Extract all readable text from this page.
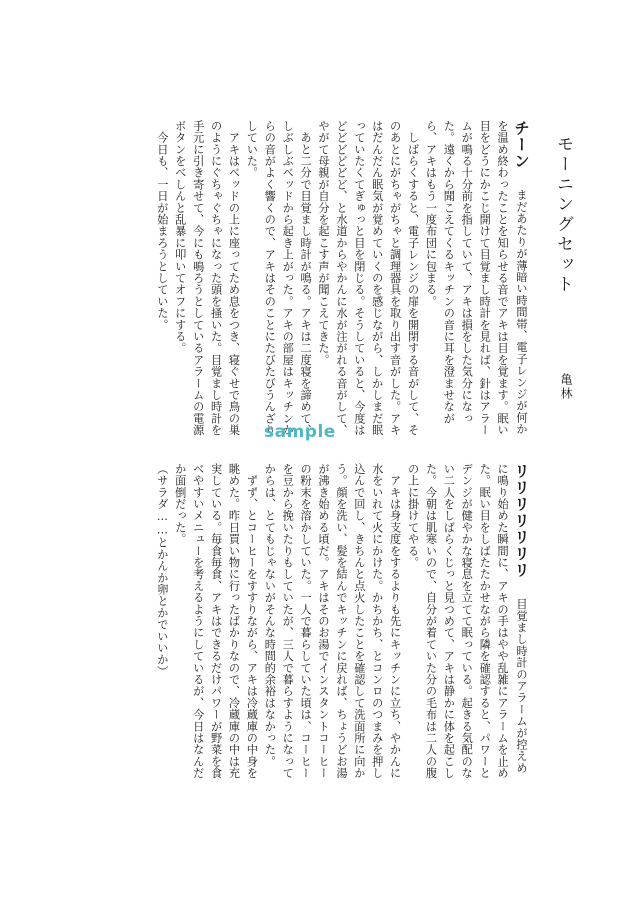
モーニングセット
亀林

チーン　まだあたりが薄暗い時間帯、電子レンジが何かを温め終わったことを知らせる音でアキは目を覚ます。眠い目をどうにかこじ開けて目覚まし時計を見れば、針はアラームが鳴る十分前を指していて、アキは損をした気分になった。遠くから聞こえてくるキッチンの音に耳を澄ませながら、アキはもう一度布団に包まる。

　しばらくすると、電子レンジの扉を開閉する音がして、そのあとにがちゃがちゃと調理器具を取り出す音がした。アキはだんだん眠気が覚めていくのを感じながら、しかしまだ眠っていたくてぎゅっと目を閉じる。そうしていると、今度はどどどどどど、と水道からやかんに水が注がれる音がして、やがて母親が自分を起こす声が聞こえてきた。

　あと二分で目覚まし時計が鳴る。アキは二度寝を諦めて、しぶしぶベッドから起き上がった。アキの部屋はキッチンからの音がよく響くので、アキはそのことにたびたびうんざりしていた。

　アキはベッドの上に座ってため息をつき、寝ぐせで鳥の巣のようにぐちゃぐちゃになった頭を掻いた。目覚まし時計を手元に引き寄せて、今にも鳴ろうとしているアラームの電源ボタンをべしんと乱暴に叩いてオフにする。

　今日も、一日が始まろうとしていた。

sample

リリリリリリリ　目覚まし時計のアラームが控えめに鳴り始めた瞬間に、アキの手はやや乱雑にアラームを止めた。眠い目をしばたたかせながら隣を確認すると、パワーとデンジが健やかな寝息を立てて眠っている。起きる気配のない二人をしばらくじっと見つめて、アキは静かに体を起こした。今朝は肌寒いので、自分が着ていた分の毛布は二人の腹の上に掛けてやる。

　アキは身支度をするよりも先にキッチンに立ち、やかんに水をいれて火にかけた。かちかち、とコンロのつまみを押し込んで回し、きちんと点火したことを確認して洗面所に向かう。顔を洗い、髪を結んでキッチンに戻れば、ちょうどお湯が沸き始める頃だ。アキはそのお湯でインスタントコーヒーの粉末を溶かしていた。一人で暮らしていた頃は、コーヒーを豆から挽いたりもしていたが、三人で暮らすようになってからは、とてもじゃないがそんな時間的余裕はなかった。

　ずず、とコーヒーをすすりながら、アキは冷蔵庫の中身を眺めた。昨日買い物に行ったばかりなので、冷蔵庫の中は充実している。毎食毎食、アキはできるだけパワーが野菜を食べやすいメニューを考えるようにしているが、今日はなんだか面倒だった。

（サラダ……とかんか卵とかでいいか）
